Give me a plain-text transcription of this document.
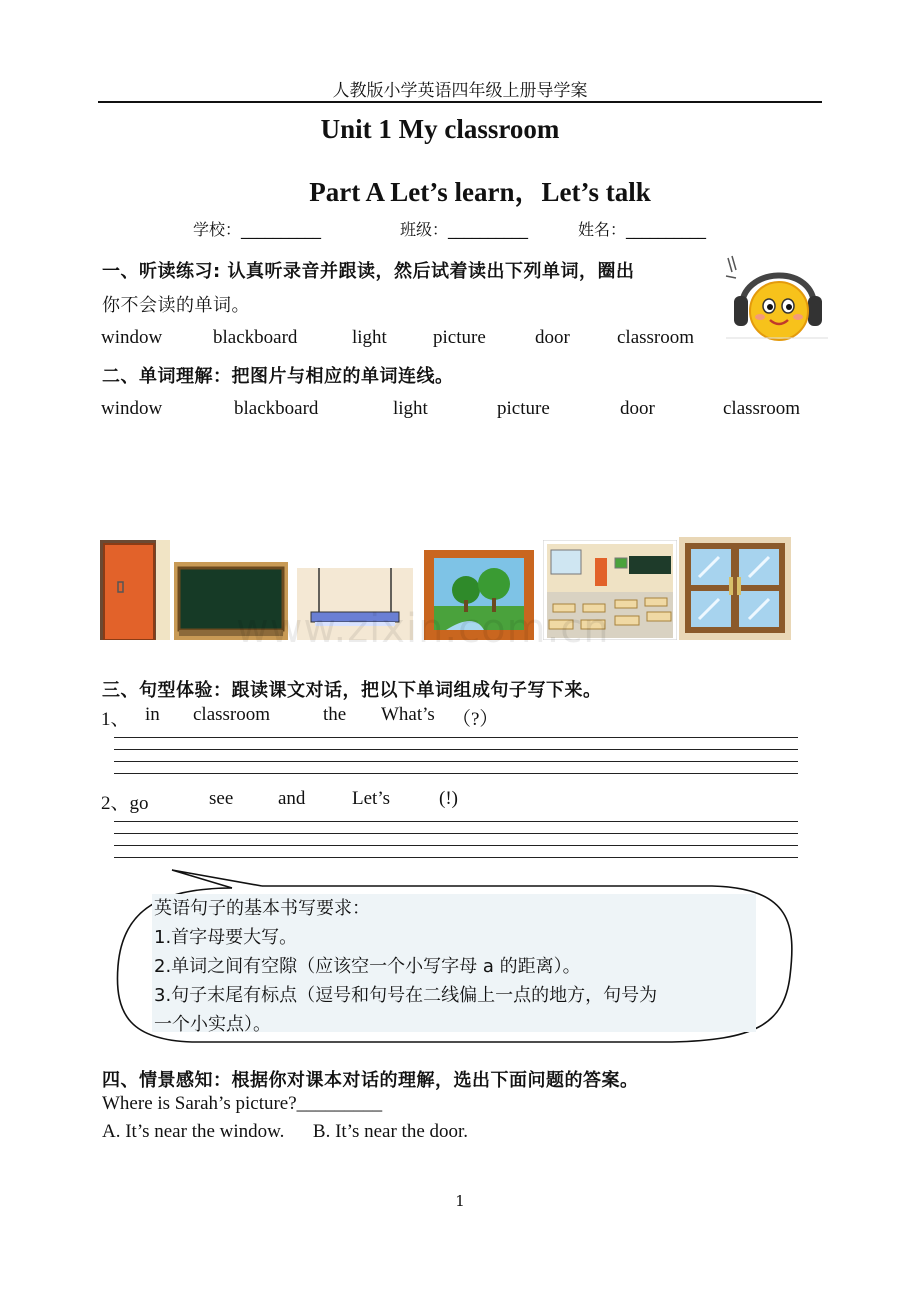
人教版小学英语四年级上册导学案
Unit 1 My classroom
Part A Let’s learn，Let’s talk
学校：__________	班级：__________	姓名：__________
一、听读练习: 认真听录音并跟读，然后试着读出下列单词，圈出
你不会读的单词。
window	blackboard	light picture	door classroom
二、单词理解：把图片与相应的单词连线。
window	blackboard	light	picture	door	classroom
www.zixin.com.cn
三、句型体验：跟读课文对话，把以下单词组成句子写下来。
1、 in classroom	the What’s （?）
2、go	see and Let’s	(!)
英语句子的基本书写要求：
1.首字母要大写。
2.单词之间有空隙（应该空一个小写字母 a 的距离）。
3.句子末尾有标点（逗号和句号在二线偏上一点的地方，句号为
一个小实点）。
四、情景感知：根据你对课本对话的理解，选出下面问题的答案。
Where is Sarah’s picture?_________
A. It’s near the window.      B. It’s near the door.
1
